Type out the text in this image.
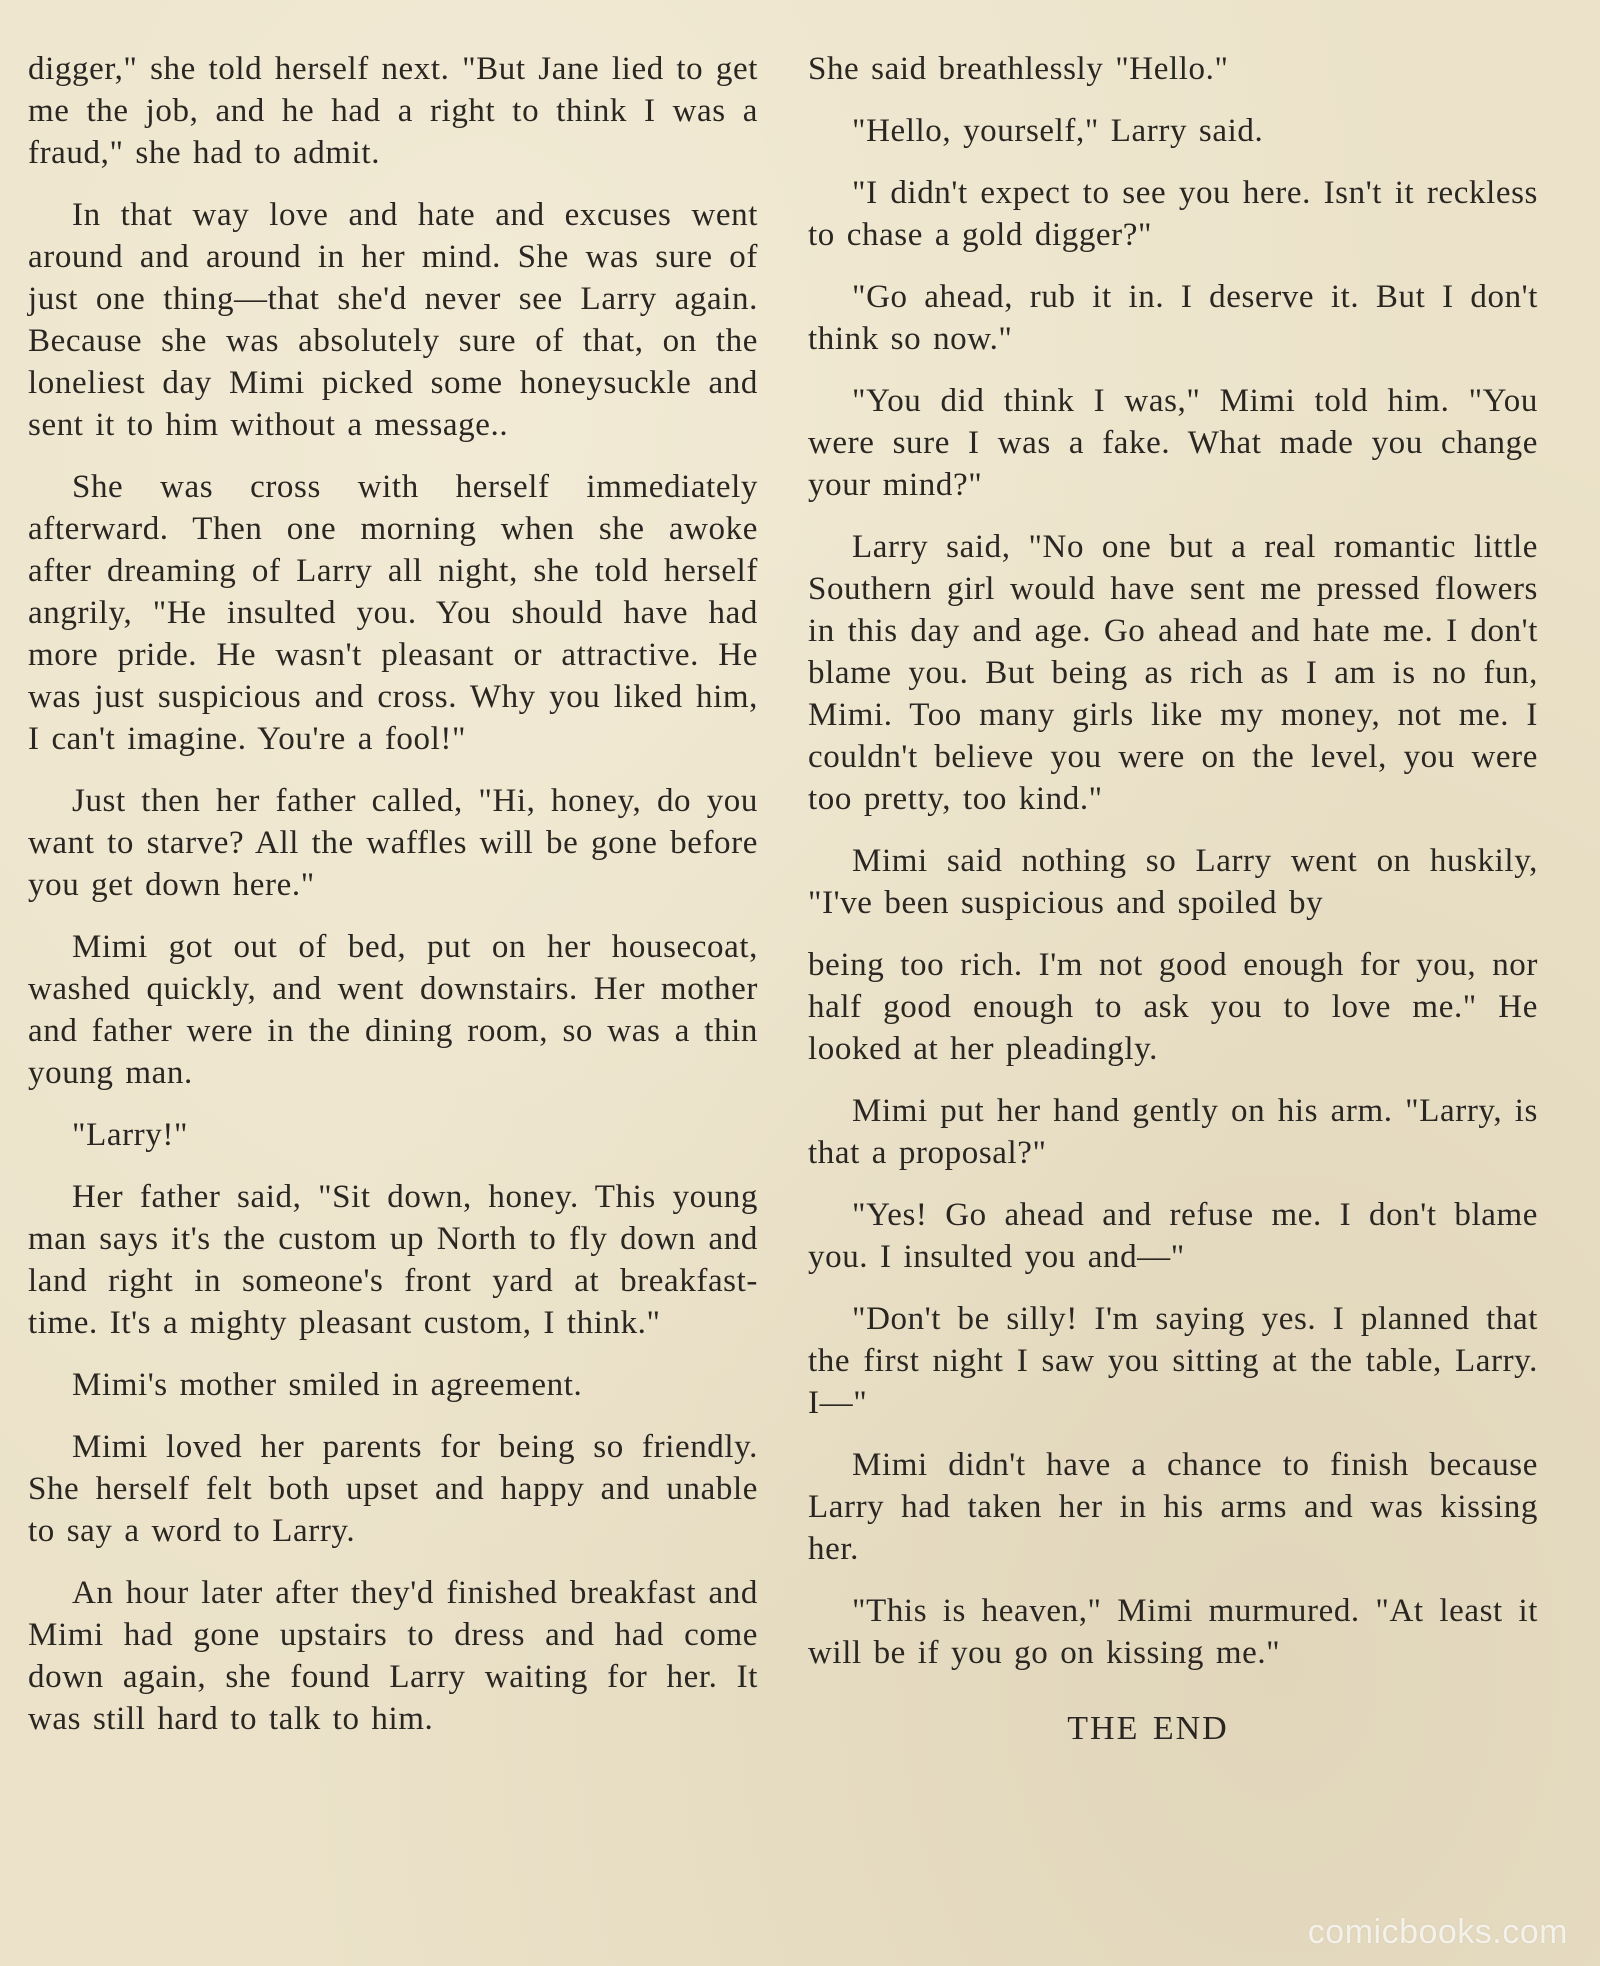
digger," she told herself next. "But Jane lied to get me the job, and he had a right to think I was a fraud," she had to admit.

In that way love and hate and excuses went around and around in her mind. She was sure of just one thing—that she'd never see Larry again. Because she was absolutely sure of that, on the loneliest day Mimi picked some honeysuckle and sent it to him without a message..

She was cross with herself immediately afterward. Then one morning when she awoke after dreaming of Larry all night, she told herself angrily, "He insulted you. You should have had more pride. He wasn't pleasant or attractive. He was just suspicious and cross. Why you liked him, I can't imagine. You're a fool!"

Just then her father called, "Hi, honey, do you want to starve? All the waffles will be gone before you get down here."

Mimi got out of bed, put on her housecoat, washed quickly, and went downstairs. Her mother and father were in the dining room, so was a thin young man.

"Larry!"

Her father said, "Sit down, honey. This young man says it's the custom up North to fly down and land right in someone's front yard at breakfast-time. It's a mighty pleasant custom, I think."

Mimi's mother smiled in agreement.

Mimi loved her parents for being so friendly. She herself felt both upset and happy and unable to say a word to Larry.

An hour later after they'd finished breakfast and Mimi had gone upstairs to dress and had come down again, she found Larry waiting for her. It was still hard to talk to him.

She said breathlessly "Hello."

"Hello, yourself," Larry said.

"I didn't expect to see you here. Isn't it reckless to chase a gold digger?"

"Go ahead, rub it in. I deserve it. But I don't think so now."

"You did think I was," Mimi told him. "You were sure I was a fake. What made you change your mind?"

Larry said, "No one but a real romantic little Southern girl would have sent me pressed flowers in this day and age. Go ahead and hate me. I don't blame you. But being as rich as I am is no fun, Mimi. Too many girls like my money, not me. I couldn't believe you were on the level, you were too pretty, too kind."

Mimi said nothing so Larry went on huskily, "I've been suspicious and spoiled by

being too rich. I'm not good enough for you, nor half good enough to ask you to love me." He looked at her pleadingly.

Mimi put her hand gently on his arm. "Larry, is that a proposal?"

"Yes! Go ahead and refuse me. I don't blame you. I insulted you and—"

"Don't be silly! I'm saying yes. I planned that the first night I saw you sitting at the table, Larry. I—"

Mimi didn't have a chance to finish because Larry had taken her in his arms and was kissing her.

"This is heaven," Mimi murmured. "At least it will be if you go on kissing me."

THE END
comicbooks.com
